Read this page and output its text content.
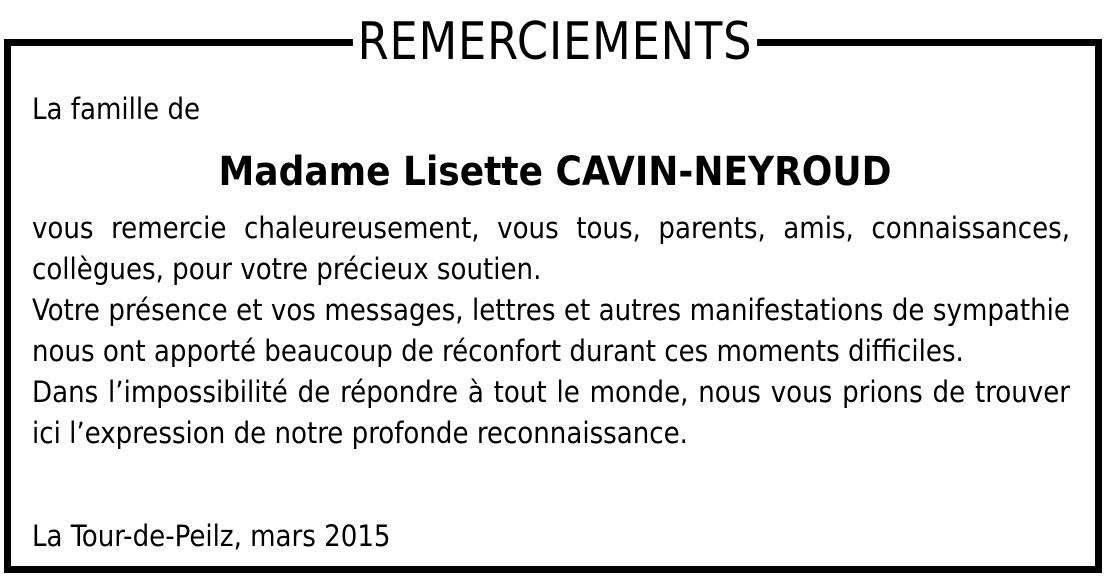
REMERCIEMENTS
La famille de
Madame Lisette CAVIN-NEYROUD

vous remercie chaleureusement, vous tous, parents, amis, connaissances, collègues, pour votre précieux soutien.

Votre présence et vos messages, lettres et autres manifestations de sympathie nous ont apporté beaucoup de réconfort durant ces moments difficiles.

Dans l’impossibilité de répondre à tout le monde, nous vous prions de trouver ici l’expression de notre profonde reconnaissance.

La Tour-de-Peilz, mars 2015
